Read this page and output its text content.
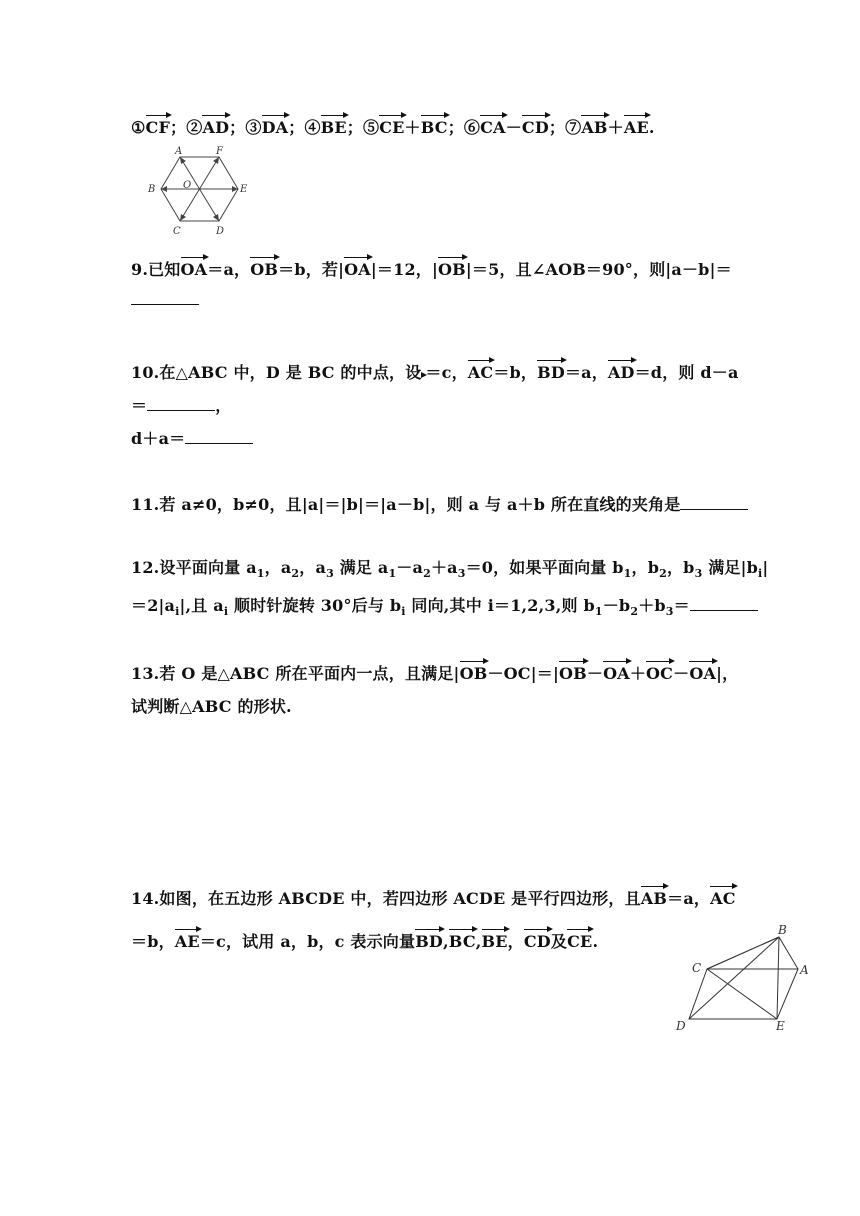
①CF；②AD；③DA；④BE；⑤CE＋BC；⑥CA－CD；⑦AB＋AE.
A	F
B	O	E
C	D
9.已知OA＝a，OB＝b，若|OA|＝12，|OB|＝5，且∠AOB＝90°，则|a－b|＝
10.在△ABC 中，D 是 BC 的中点，设 ＝c，AC＝b，BD＝a，AD＝d，则 d－a
＝	，
d＋a＝
11.若 a≠0，b≠0，且|a|＝|b|＝|a－b|，则 a 与 a＋b 所在直线的夹角是
12.设平面向量 $a_1$，$a_2$，$a_3$ 满足 $a_1-a_2+a_3=0$，如果平面向量 $b_1$，$b_2$，$b_3$ 满足$|b_i|$
$=2|a_i|$,且 $a_i$ 顺时针旋转 30°后与 $b_i$ 同向,其中 i＝1,2,3,则 $b_1-b_2+b_3=$
13.若 O 是△ABC 所在平面内一点，且满足|OB－OC|＝|OB－OA＋OC－OA|，
试判断△ABC 的形状.
14.如图，在五边形 ABCDE 中，若四边形 ACDE 是平行四边形，且AB＝a，AC
＝b，AE＝c，试用 a，b，c 表示向量BD,BC,BE，CD及CE.
B
C	A
D	E
